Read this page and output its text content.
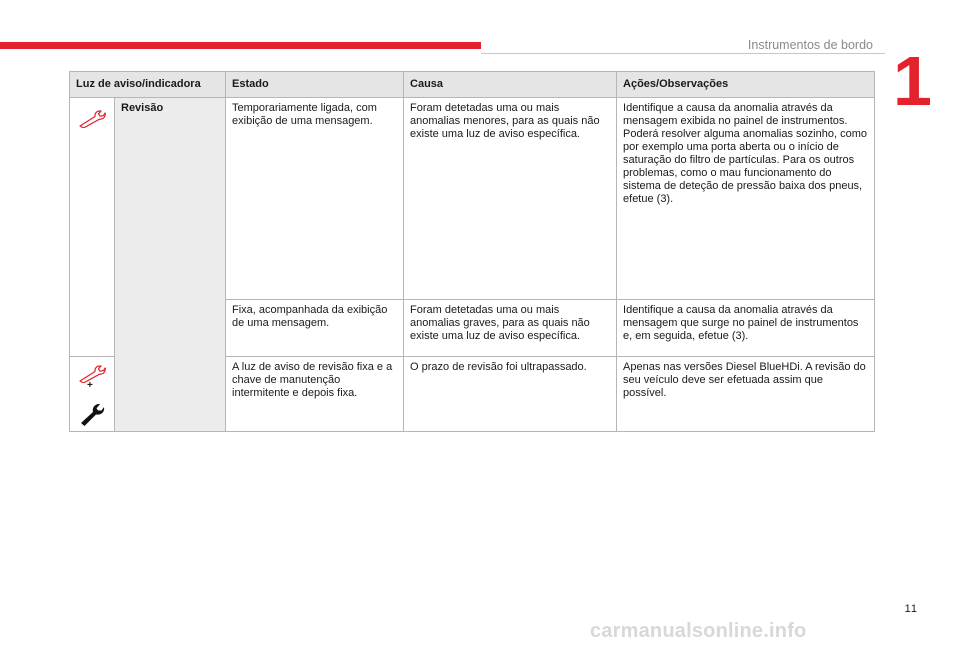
Instrumentos de bordo 1
Luz de aviso/indicadora		Estado	Causa	Ações/Observações

	Revisão	Temporariamente ligada, com exibição de uma mensagem.	Foram detetadas uma ou mais anomalias menores, para as quais não existe uma luz de aviso específica.	Identifique a causa da anomalia através da mensagem exibida no painel de instrumentos. Poderá resolver alguma anomalias sozinho, como por exemplo uma porta aberta ou o início de saturação do filtro de partículas. Para os outros problemas, como o mau funcionamento do sistema de deteção de pressão baixa dos pneus, efetue (3).
		Fixa, acompanhada da exibição de uma mensagem.	Foram detetadas uma ou mais anomalias graves, para as quais não existe uma luz de aviso específica.	Identifique a causa da anomalia através da mensagem que surge no painel de instrumentos e, em seguida, efetue (3).

+		A luz de aviso de revisão fixa e a chave de manutenção intermitente e depois fixa.	O prazo de revisão foi ultrapassado.	Apenas nas versões Diesel BlueHDi. A revisão do seu veículo deve ser efetuada assim que possível.
11
carmanualsonline.info
